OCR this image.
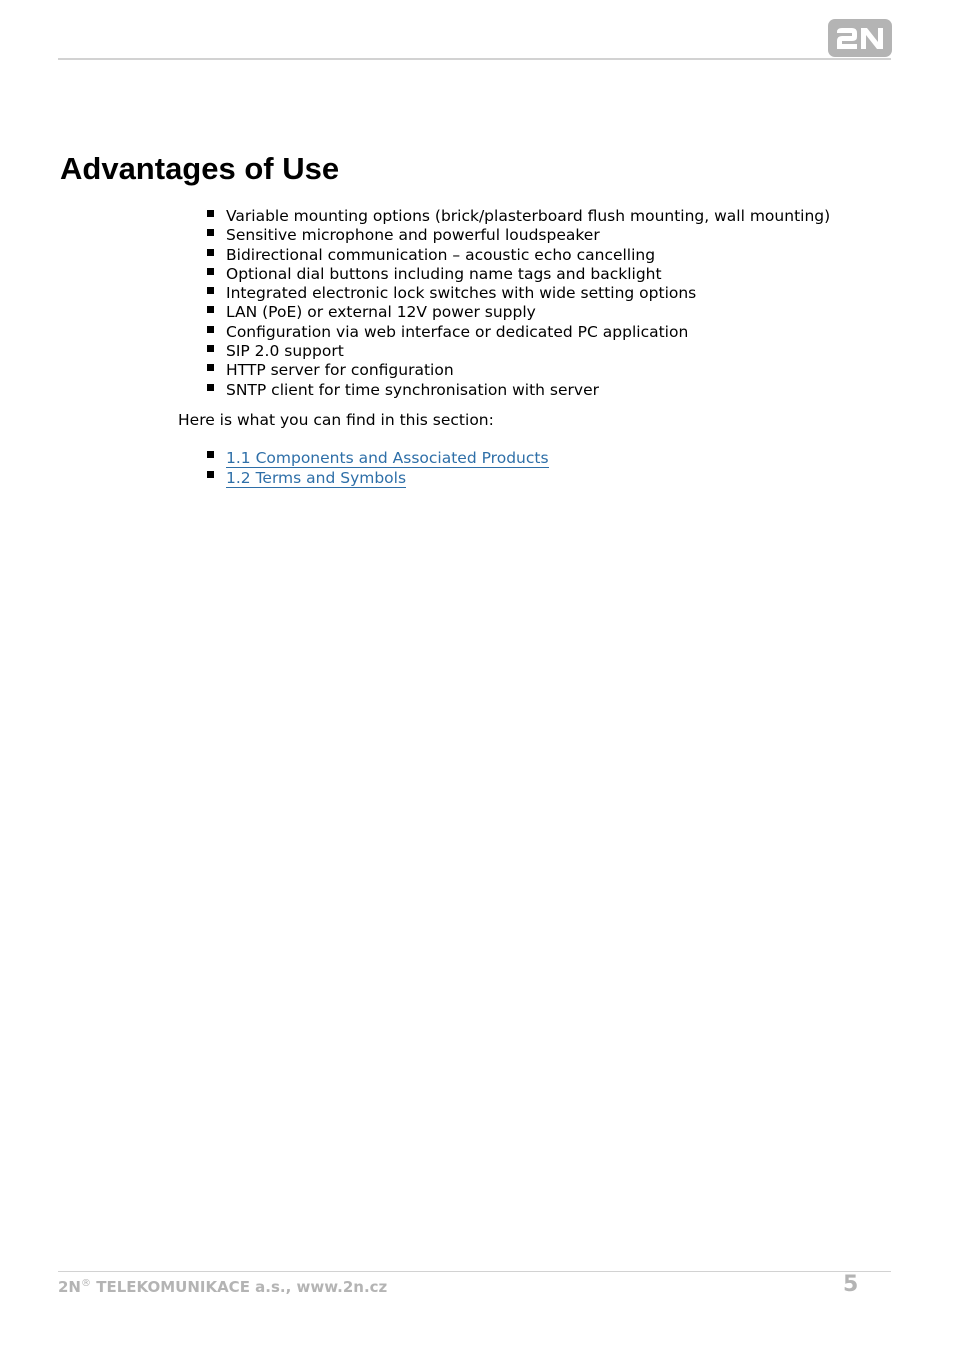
Advantages of Use
Variable mounting options (brick/plasterboard flush mounting, wall mounting)
Sensitive microphone and powerful loudspeaker
Bidirectional communication – acoustic echo cancelling
Optional dial buttons including name tags and backlight
Integrated electronic lock switches with wide setting options
LAN (PoE) or external 12V power supply
Configuration via web interface or dedicated PC application
SIP 2.0 support
HTTP server for configuration
SNTP client for time synchronisation with server

Here is what you can find in this section:

1.1 Components and Associated Products
1.2 Terms and Symbols
2N® TELEKOMUNIKACE a.s., www.2n.cz	5
